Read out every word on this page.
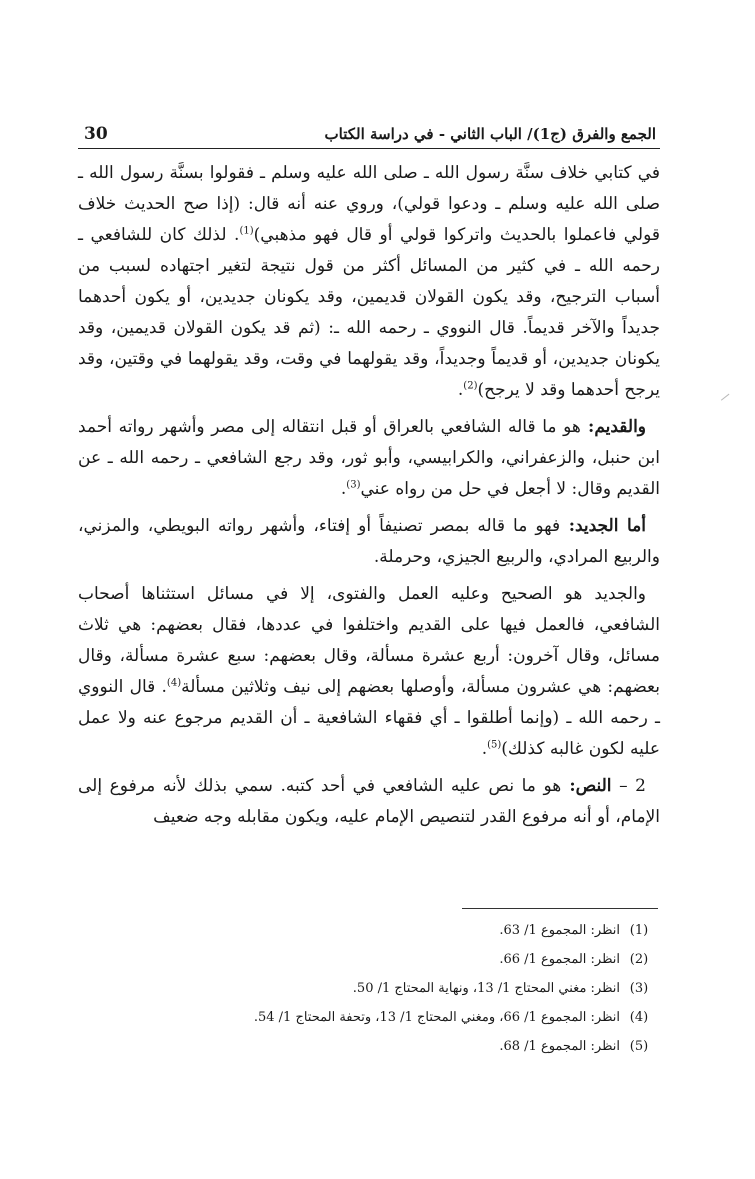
الجمع والفرق (ج1)/ الباب الثاني - في دراسة الكتاب
30

في كتابي خلاف سنَّة رسول الله ـ صلى الله عليه وسلم ـ فقولوا بسنَّة رسول الله ـ صلى الله عليه وسلم ـ ودعوا قولي)، وروي عنه أنه قال: (إذا صح الحديث خلاف قولي فاعملوا بالحديث واتركوا قولي أو قال فهو مذهبي)$^{(1)}$. لذلك كان للشافعي ـ رحمه الله ـ في كثير من المسائل أكثر من قول نتيجة لتغير اجتهاده لسبب من أسباب الترجيح، وقد يكون القولان قديمين، وقد يكونان جديدين، أو يكون أحدهما جديداً والآخر قديماً. قال النووي ـ رحمه الله ـ: (ثم قد يكون القولان قديمين، وقد يكونان جديدين، أو قديماً وجديداً، وقد يقولهما في وقت، وقد يقولهما في وقتين، وقد يرجح أحدهما وقد لا يرجح)$^{(2)}$.

والقديم: هو ما قاله الشافعي بالعراق أو قبل انتقاله إلى مصر وأشهر رواته أحمد ابن حنبل، والزعفراني، والكرابيسي، وأبو ثور، وقد رجع الشافعي ـ رحمه الله ـ عن القديم وقال: لا أجعل في حل من رواه عني$^{(3)}$.

أما الجديد: فهو ما قاله بمصر تصنيفاً أو إفتاء، وأشهر رواته البويطي، والمزني، والربيع المرادي، والربيع الجيزي، وحرملة.

والجديد هو الصحيح وعليه العمل والفتوى، إلا في مسائل استثناها أصحاب الشافعي، فالعمل فيها على القديم واختلفوا في عددها، فقال بعضهم: هي ثلاث مسائل، وقال آخرون: أربع عشرة مسألة، وقال بعضهم: سبع عشرة مسألة، وقال بعضهم: هي عشرون مسألة، وأوصلها بعضهم إلى نيف وثلاثين مسألة$^{(4)}$. قال النووي ـ رحمه الله ـ (وإنما أطلقوا ـ أي فقهاء الشافعية ـ أن القديم مرجوع عنه ولا عمل عليه لكون غالبه كذلك)$^{(5)}$.

2 – النص: هو ما نص عليه الشافعي في أحد كتبه. سمي بذلك لأنه مرفوع إلى الإمام، أو أنه مرفوع القدر لتنصيص الإمام عليه، ويكون مقابله وجه ضعيف

(1)
انظر: المجموع 1/ 63.
(2)
انظر: المجموع 1/ 66.
(3)
انظر: مغني المحتاج 1/ 13، ونهاية المحتاج 1/ 50.
(4)
انظر: المجموع 1/ 66، ومغني المحتاج 1/ 13، وتحفة المحتاج 1/ 54.
(5)
انظر: المجموع 1/ 68.
